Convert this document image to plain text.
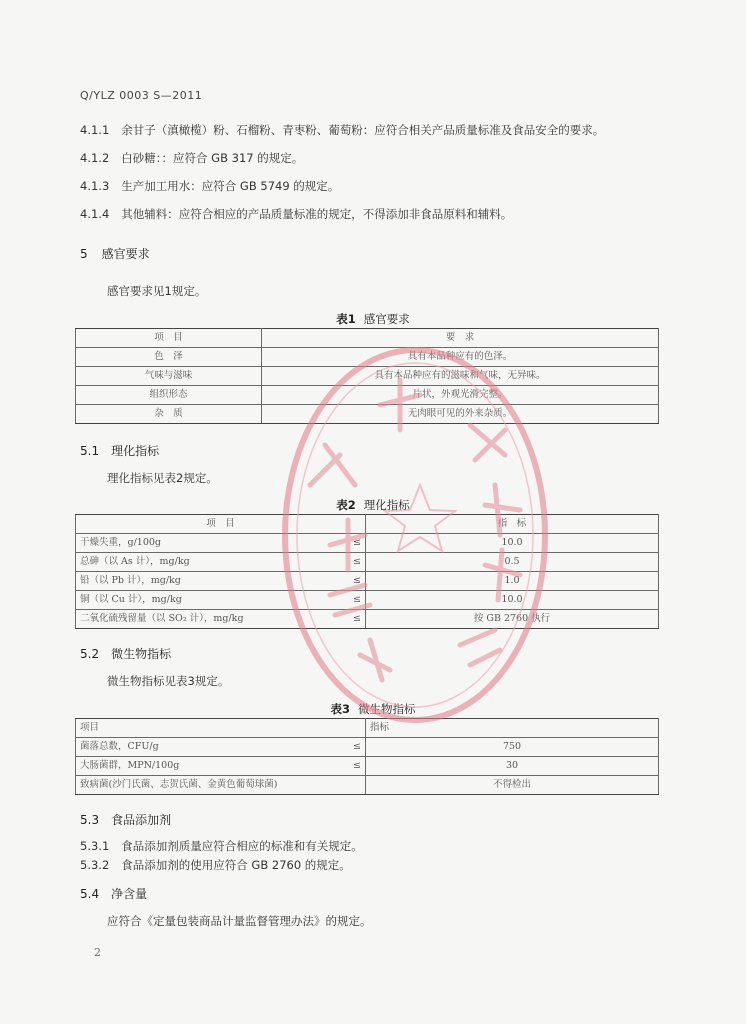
Q/YLZ 0003 S—2011
4.1.1 余甘子（滇橄榄）粉、石榴粉、青枣粉、葡萄粉：应符合相关产品质量标准及食品安全的要求。
4.1.2 白砂糖：：应符合 GB 317 的规定。
4.1.3 生产加工用水：应符合 GB 5749 的规定。
4.1.4 其他辅料：应符合相应的产品质量标准的规定，不得添加非食品原料和辅料。
5 感官要求
感官要求见1规定。
表1 感官要求
项　目	要　求
色　泽	具有本品种应有的色泽。
气味与滋味	具有本品种应有的滋味和气味，无异味。
组织形态	片状，外观光滑完整。
杂　质	无肉眼可见的外来杂质。
5.1 理化指标
理化指标见表2规定。
表2 理化指标
项　目		指　标
干燥失重，g/100g	≤	10.0
总砷（以 As 计），mg/kg	≤	0.5
铅（以 Pb 计），mg/kg	≤	1.0
铜（以 Cu 计），mg/kg	≤	10.0
二氧化硫残留量（以 SO₂ 计），mg/kg	≤	按 GB 2760 执行
5.2 微生物指标
微生物指标见表3规定。
表3 微生物指标
项目		指标
菌落总数，CFU/g	≤	750
大肠菌群，MPN/100g	≤	30
致病菌(沙门氏菌、志贺氏菌、金黄色葡萄球菌)		不得检出
5.3 食品添加剂
5.3.1 食品添加剂质量应符合相应的标准和有关规定。
5.3.2 食品添加剂的使用应符合 GB 2760 的规定。
5.4 净含量
应符合《定量包装商品计量监督管理办法》的规定。
2
